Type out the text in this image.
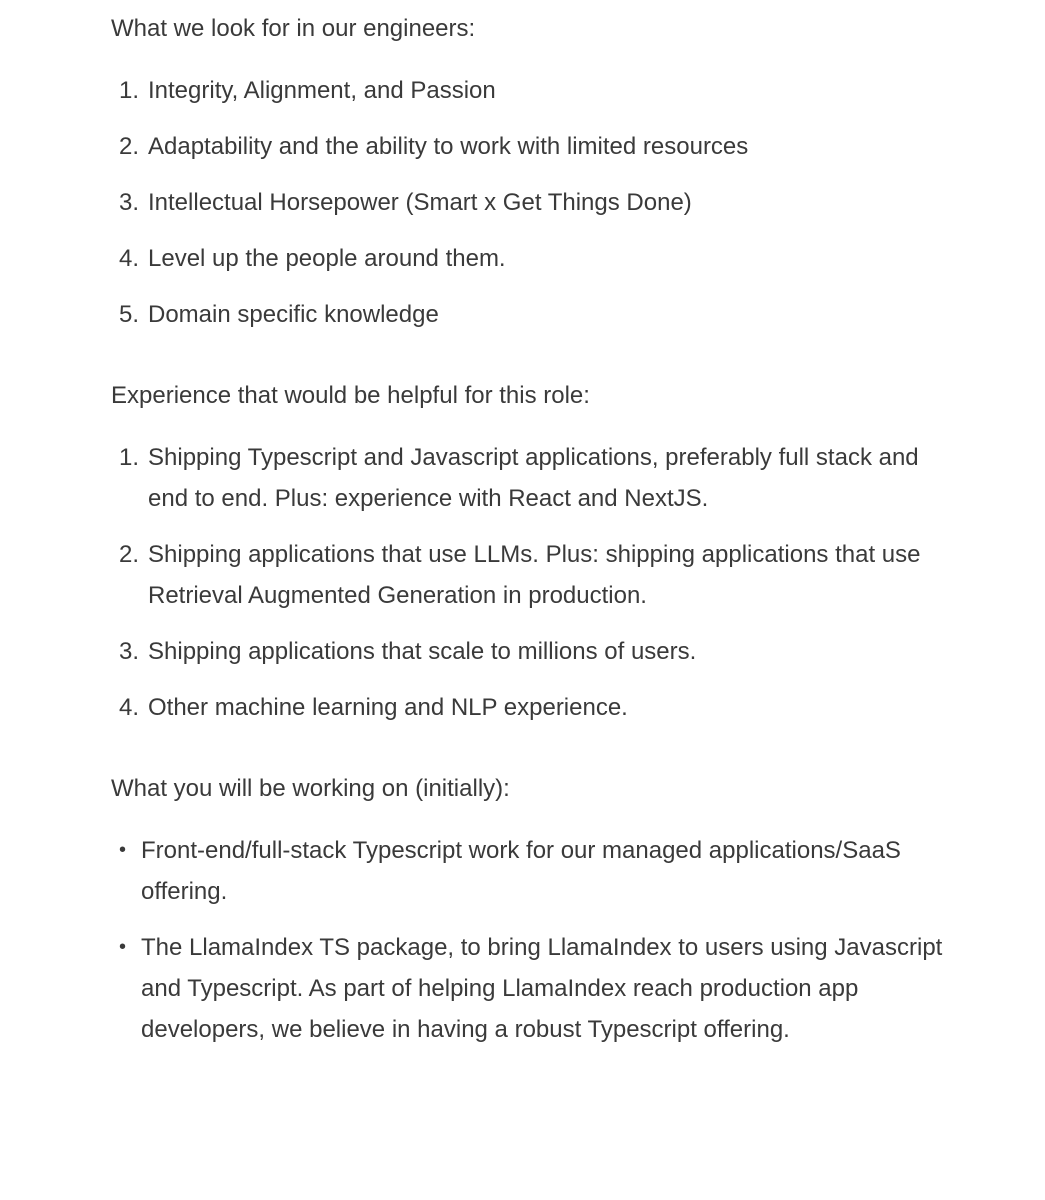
What we look for in our engineers:

1. Integrity, Alignment, and Passion
2. Adaptability and the ability to work with limited resources
3. Intellectual Horsepower (Smart x Get Things Done)
4. Level up the people around them.
5. Domain specific knowledge

Experience that would be helpful for this role:

1. Shipping Typescript and Javascript applications, preferably full stack and end to end. Plus: experience with React and NextJS.
2. Shipping applications that use LLMs. Plus: shipping applications that use Retrieval Augmented Generation in production.
3. Shipping applications that scale to millions of users.
4. Other machine learning and NLP experience.

What you will be working on (initially):

• Front-end/full-stack Typescript work for our managed applications/SaaS offering.
• The LlamaIndex TS package, to bring LlamaIndex to users using Javascript and Typescript. As part of helping LlamaIndex reach production app developers, we believe in having a robust Typescript offering.
